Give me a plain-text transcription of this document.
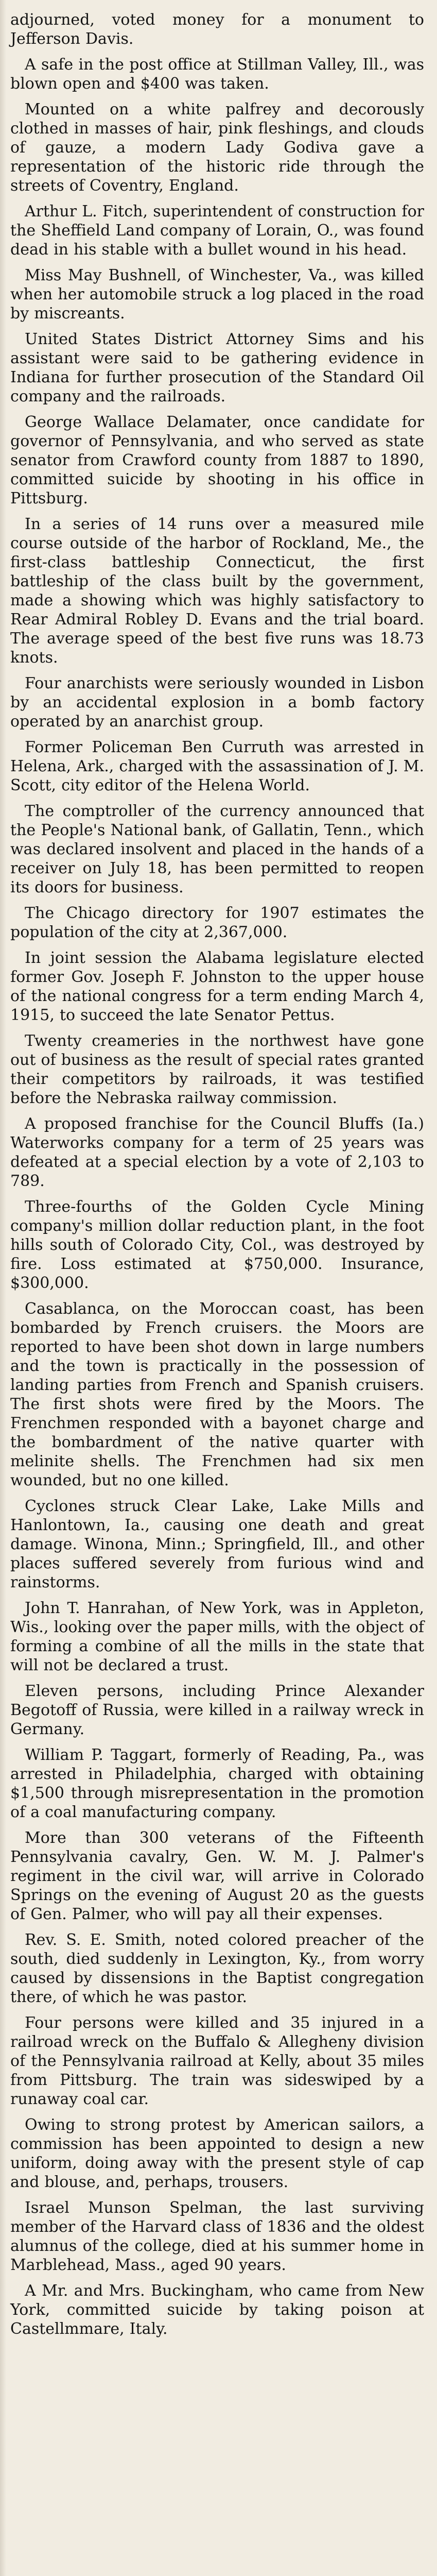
adjourned, voted money for a monument to Jefferson Davis.

A safe in the post office at Stillman Valley, Ill., was blown open and $400 was taken.

Mounted on a white palfrey and decorously clothed in masses of hair, pink fleshings, and clouds of gauze, a modern Lady Godiva gave a representation of the historic ride through the streets of Coventry, England.

Arthur L. Fitch, superintendent of construction for the Sheffield Land company of Lorain, O., was found dead in his stable with a bullet wound in his head.

Miss May Bushnell, of Winchester, Va., was killed when her automobile struck a log placed in the road by miscreants.

United States District Attorney Sims and his assistant were said to be gathering evidence in Indiana for further prosecution of the Standard Oil company and the railroads.

George Wallace Delamater, once candidate for governor of Pennsylvania, and who served as state senator from Crawford county from 1887 to 1890, committed suicide by shooting in his office in Pittsburg.

In a series of 14 runs over a measured mile course outside of the harbor of Rockland, Me., the first-class battleship Connecticut, the first battleship of the class built by the government, made a showing which was highly satisfactory to Rear Admiral Robley D. Evans and the trial board. The average speed of the best five runs was 18.73 knots.

Four anarchists were seriously wounded in Lisbon by an accidental explosion in a bomb factory operated by an anarchist group.

Former Policeman Ben Curruth was arrested in Helena, Ark., charged with the assassination of J. M. Scott, city editor of the Helena World.

The comptroller of the currency announced that the People's National bank, of Gallatin, Tenn., which was declared insolvent and placed in the hands of a receiver on July 18, has been permitted to reopen its doors for business.

The Chicago directory for 1907 estimates the population of the city at 2,367,000.

In joint session the Alabama legislature elected former Gov. Joseph F. Johnston to the upper house of the national congress for a term ending March 4, 1915, to succeed the late Senator Pettus.

Twenty creameries in the northwest have gone out of business as the result of special rates granted their competitors by railroads, it was testified before the Nebraska railway commission.

A proposed franchise for the Council Bluffs (Ia.) Waterworks company for a term of 25 years was defeated at a special election by a vote of 2,103 to 789.

Three-fourths of the Golden Cycle Mining company's million dollar reduction plant, in the foot hills south of Colorado City, Col., was destroyed by fire. Loss estimated at $750,000. Insurance, $300,000.

Casablanca, on the Moroccan coast, has been bombarded by French cruisers. the Moors are reported to have been shot down in large numbers and the town is practically in the possession of landing parties from French and Spanish cruisers. The first shots were fired by the Moors. The Frenchmen responded with a bayonet charge and the bombardment of the native quarter with melinite shells. The Frenchmen had six men wounded, but no one killed.

Cyclones struck Clear Lake, Lake Mills and Hanlontown, Ia., causing one death and great damage. Winona, Minn.; Springfield, Ill., and other places suffered severely from furious wind and rainstorms.

John T. Hanrahan, of New York, was in Appleton, Wis., looking over the paper mills, with the object of forming a combine of all the mills in the state that will not be declared a trust.

Eleven persons, including Prince Alexander Begotoff of Russia, were killed in a railway wreck in Germany.

William P. Taggart, formerly of Reading, Pa., was arrested in Philadelphia, charged with obtaining $1,500 through misrepresentation in the promotion of a coal manufacturing company.

More than 300 veterans of the Fifteenth Pennsylvania cavalry, Gen. W. M. J. Palmer's regiment in the civil war, will arrive in Colorado Springs on the evening of August 20 as the guests of Gen. Palmer, who will pay all their expenses.

Rev. S. E. Smith, noted colored preacher of the south, died suddenly in Lexington, Ky., from worry caused by dissensions in the Baptist congregation there, of which he was pastor.

Four persons were killed and 35 injured in a railroad wreck on the Buffalo & Allegheny division of the Pennsylvania railroad at Kelly, about 35 miles from Pittsburg. The train was sideswiped by a runaway coal car.

Owing to strong protest by American sailors, a commission has been appointed to design a new uniform, doing away with the present style of cap and blouse, and, perhaps, trousers.

Israel Munson Spelman, the last surviving member of the Harvard class of 1836 and the oldest alumnus of the college, died at his summer home in Marblehead, Mass., aged 90 years.

A Mr. and Mrs. Buckingham, who came from New York, committed suicide by taking poison at Castellmmare, Italy.
